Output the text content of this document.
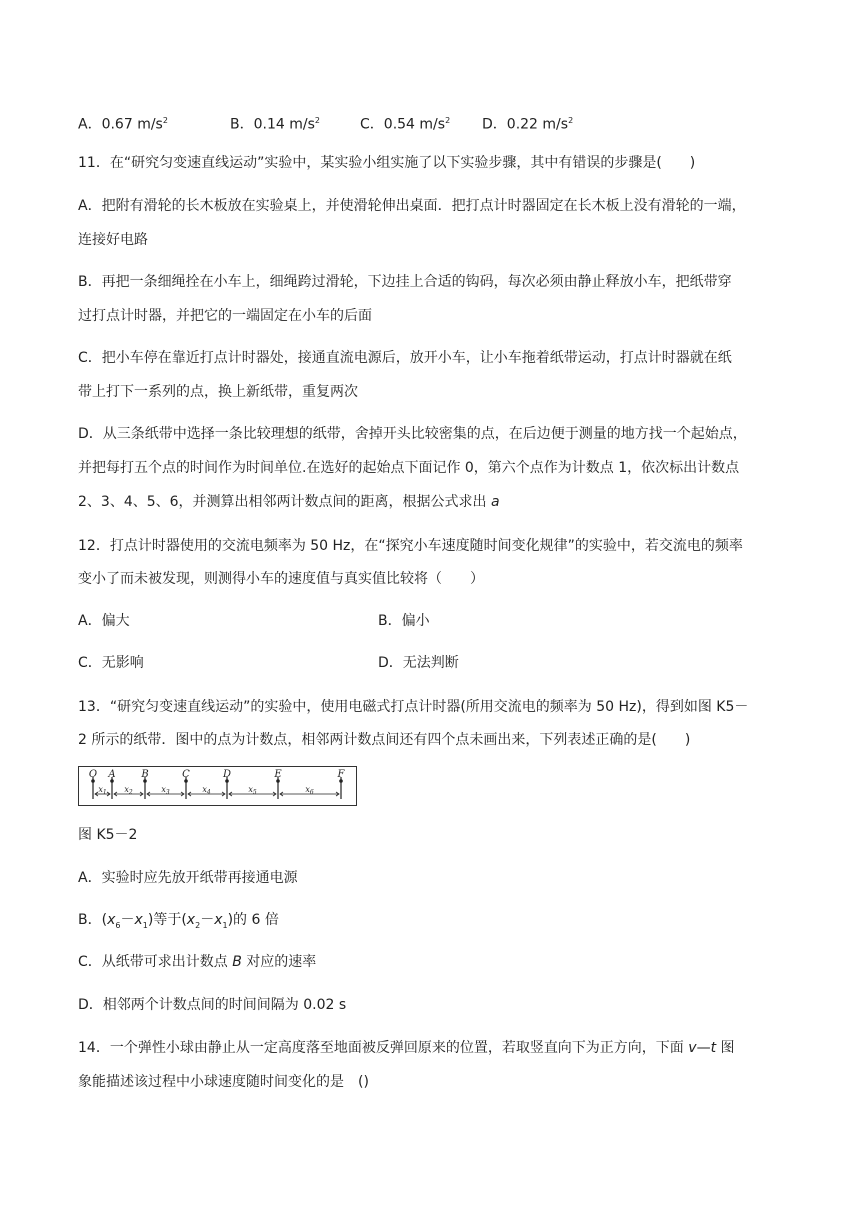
A．0.67 $m/s^2$	B．0.14 $m/s^2$	C．0.54 $m/s^2$ D．0.22 $m/s^2$
11．在“研究匀变速直线运动”实验中，某实验小组实施了以下实验步骤，其中有错误的步骤是(　　)
A．把附有滑轮的长木板放在实验桌上，并使滑轮伸出桌面．把打点计时器固定在长木板上没有滑轮的一端，
连接好电路
B．再把一条细绳拴在小车上，细绳跨过滑轮，下边挂上合适的钩码，每次必须由静止释放小车，把纸带穿
过打点计时器，并把它的一端固定在小车的后面
C．把小车停在靠近打点计时器处，接通直流电源后，放开小车，让小车拖着纸带运动，打点计时器就在纸
带上打下一系列的点，换上新纸带，重复两次
D．从三条纸带中选择一条比较理想的纸带，舍掉开头比较密集的点，在后边便于测量的地方找一个起始点，
并把每打五个点的时间作为时间单位.在选好的起始点下面记作 0，第六个点作为计数点 1，依次标出计数点
2、3、4、5、6，并测算出相邻两计数点间的距离，根据公式求出 a
12．打点计时器使用的交流电频率为 50 Hz，在“探究小车速度随时间变化规律”的实验中，若交流电的频率
变小了而未被发现，则测得小车的速度值与真实值比较将（　　）
A．偏大	B．偏小
C．无影响	D．无法判断
13．“研究匀变速直线运动”的实验中，使用电磁式打点计时器(所用交流电的频率为 50 Hz)，得到如图 K5－
2 所示的纸带．图中的点为计数点，相邻两计数点间还有四个点未画出来，下列表述正确的是(　　)
O A	B	C	D	E	F
$x_1$ $x_2$	$x_3$	$x_4$	$x_5$	$x_6$
图 K5－2
A．实验时应先放开纸带再接通电源
B．$(x_6-x_1)$等于$(x_2-x_1)$的 6 倍
C．从纸带可求出计数点 B 对应的速率
D．相邻两个计数点间的时间间隔为 0.02 s
14．一个弹性小球由静止从一定高度落至地面被反弹回原来的位置，若取竖直向下为正方向，下面 v—t 图
象能描述该过程中小球速度随时间变化的是　()
